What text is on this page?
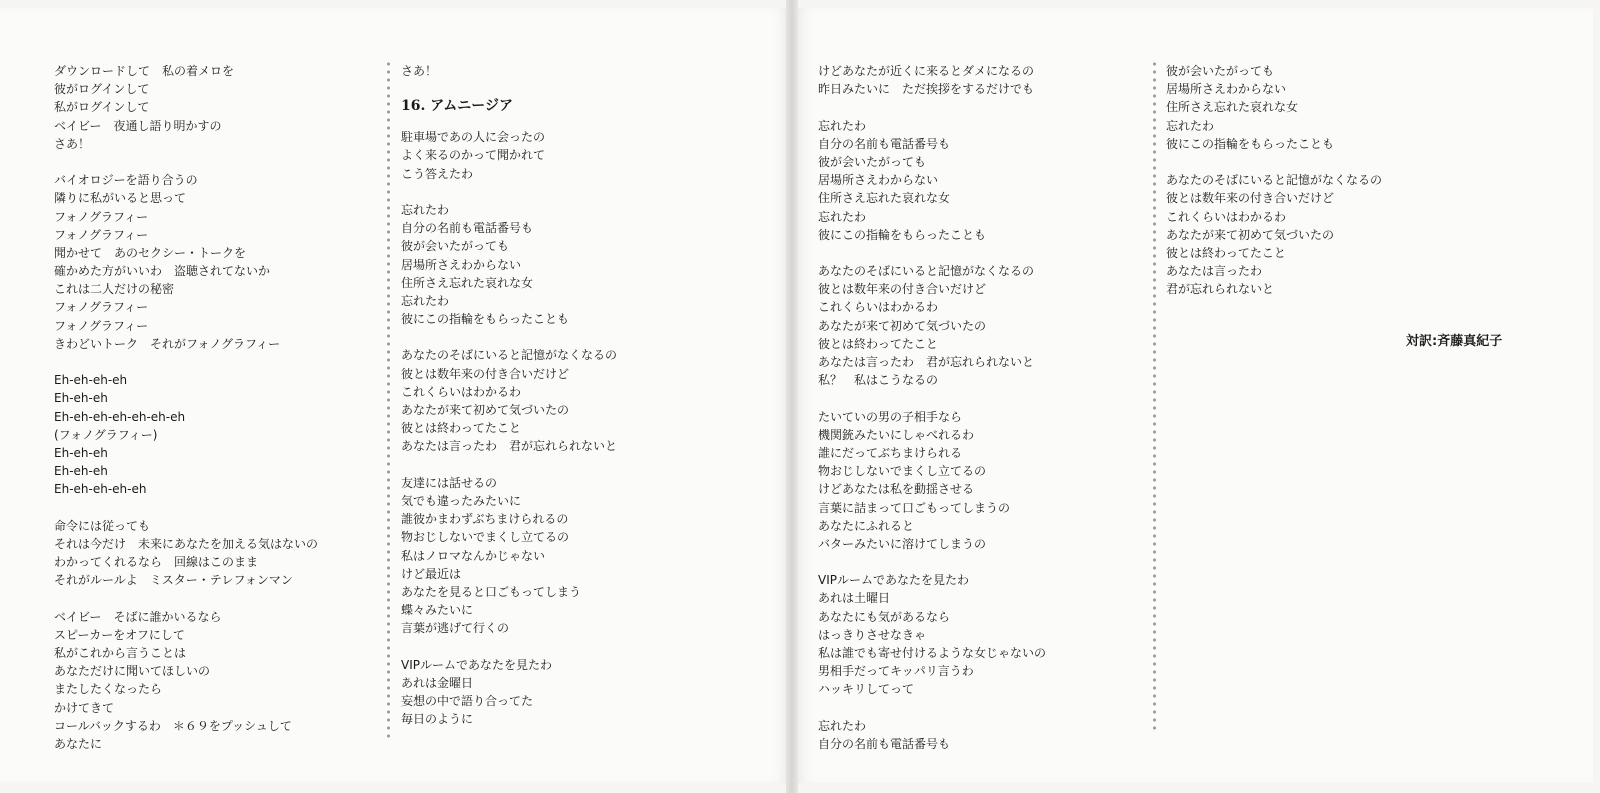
ダウンロードして　私の着メロを
彼がログインして
私がログインして
ベイビー　夜通し語り明かすの
さあ！
バイオロジーを語り合うの
隣りに私がいると思って
フォノグラフィー
フォノグラフィー
聞かせて　あのセクシー・トークを
確かめた方がいいわ　盗聴されてないか
これは二人だけの秘密
フォノグラフィー
フォノグラフィー
きわどいトーク　それがフォノグラフィー
Eh-eh-eh-eh
Eh-eh-eh
Eh-eh-eh-eh-eh-eh-eh
(フォノグラフィー)
Eh-eh-eh
Eh-eh-eh
Eh-eh-eh-eh-eh
命令には従っても
それは今だけ　未来にあなたを加える気はないの
わかってくれるなら　回線はこのまま
それがルールよ　ミスター・テレフォンマン
ベイビー　そばに誰かいるなら
スピーカーをオフにして
私がこれから言うことは
あなただけに聞いてほしいの
またしたくなったら
かけてきて
コールバックするわ　＊６９をプッシュして
あなたに
さあ！
16. アムニージア
駐車場であの人に会ったの
よく来るのかって聞かれて
こう答えたわ
忘れたわ
自分の名前も電話番号も
彼が会いたがっても
居場所さえわからない
住所さえ忘れた哀れな女
忘れたわ
彼にこの指輪をもらったことも
あなたのそばにいると記憶がなくなるの
彼とは数年来の付き合いだけど
これくらいはわかるわ
あなたが来て初めて気づいたの
彼とは終わってたこと
あなたは言ったわ　君が忘れられないと
友達には話せるの
気でも違ったみたいに
誰彼かまわずぶちまけられるの
物おじしないでまくし立てるの
私はノロマなんかじゃない
けど最近は
あなたを見ると口ごもってしまう
蝶々みたいに
言葉が逃げて行くの
VIPルームであなたを見たわ
あれは金曜日
妄想の中で語り合ってた
毎日のように
けどあなたが近くに来るとダメになるの
昨日みたいに　ただ挨拶をするだけでも
忘れたわ
自分の名前も電話番号も
彼が会いたがっても
居場所さえわからない
住所さえ忘れた哀れな女
忘れたわ
彼にこの指輪をもらったことも
あなたのそばにいると記憶がなくなるの
彼とは数年来の付き合いだけど
これくらいはわかるわ
あなたが来て初めて気づいたの
彼とは終わってたこと
あなたは言ったわ　君が忘れられないと
私？　私はこうなるの
たいていの男の子相手なら
機関銃みたいにしゃべれるわ
誰にだってぶちまけられる
物おじしないでまくし立てるの
けどあなたは私を動揺させる
言葉に詰まって口ごもってしまうの
あなたにふれると
バターみたいに溶けてしまうの
VIPルームであなたを見たわ
あれは土曜日
あなたにも気があるなら
はっきりさせなきゃ
私は誰でも寄せ付けるような女じゃないの
男相手だってキッパリ言うわ
ハッキリしてって
忘れたわ
自分の名前も電話番号も
彼が会いたがっても
居場所さえわからない
住所さえ忘れた哀れな女
忘れたわ
彼にこの指輪をもらったことも
あなたのそばにいると記憶がなくなるの
彼とは数年来の付き合いだけど
これくらいはわかるわ
あなたが来て初めて気づいたの
彼とは終わってたこと
あなたは言ったわ
君が忘れられないと
対訳:斉藤真紀子
